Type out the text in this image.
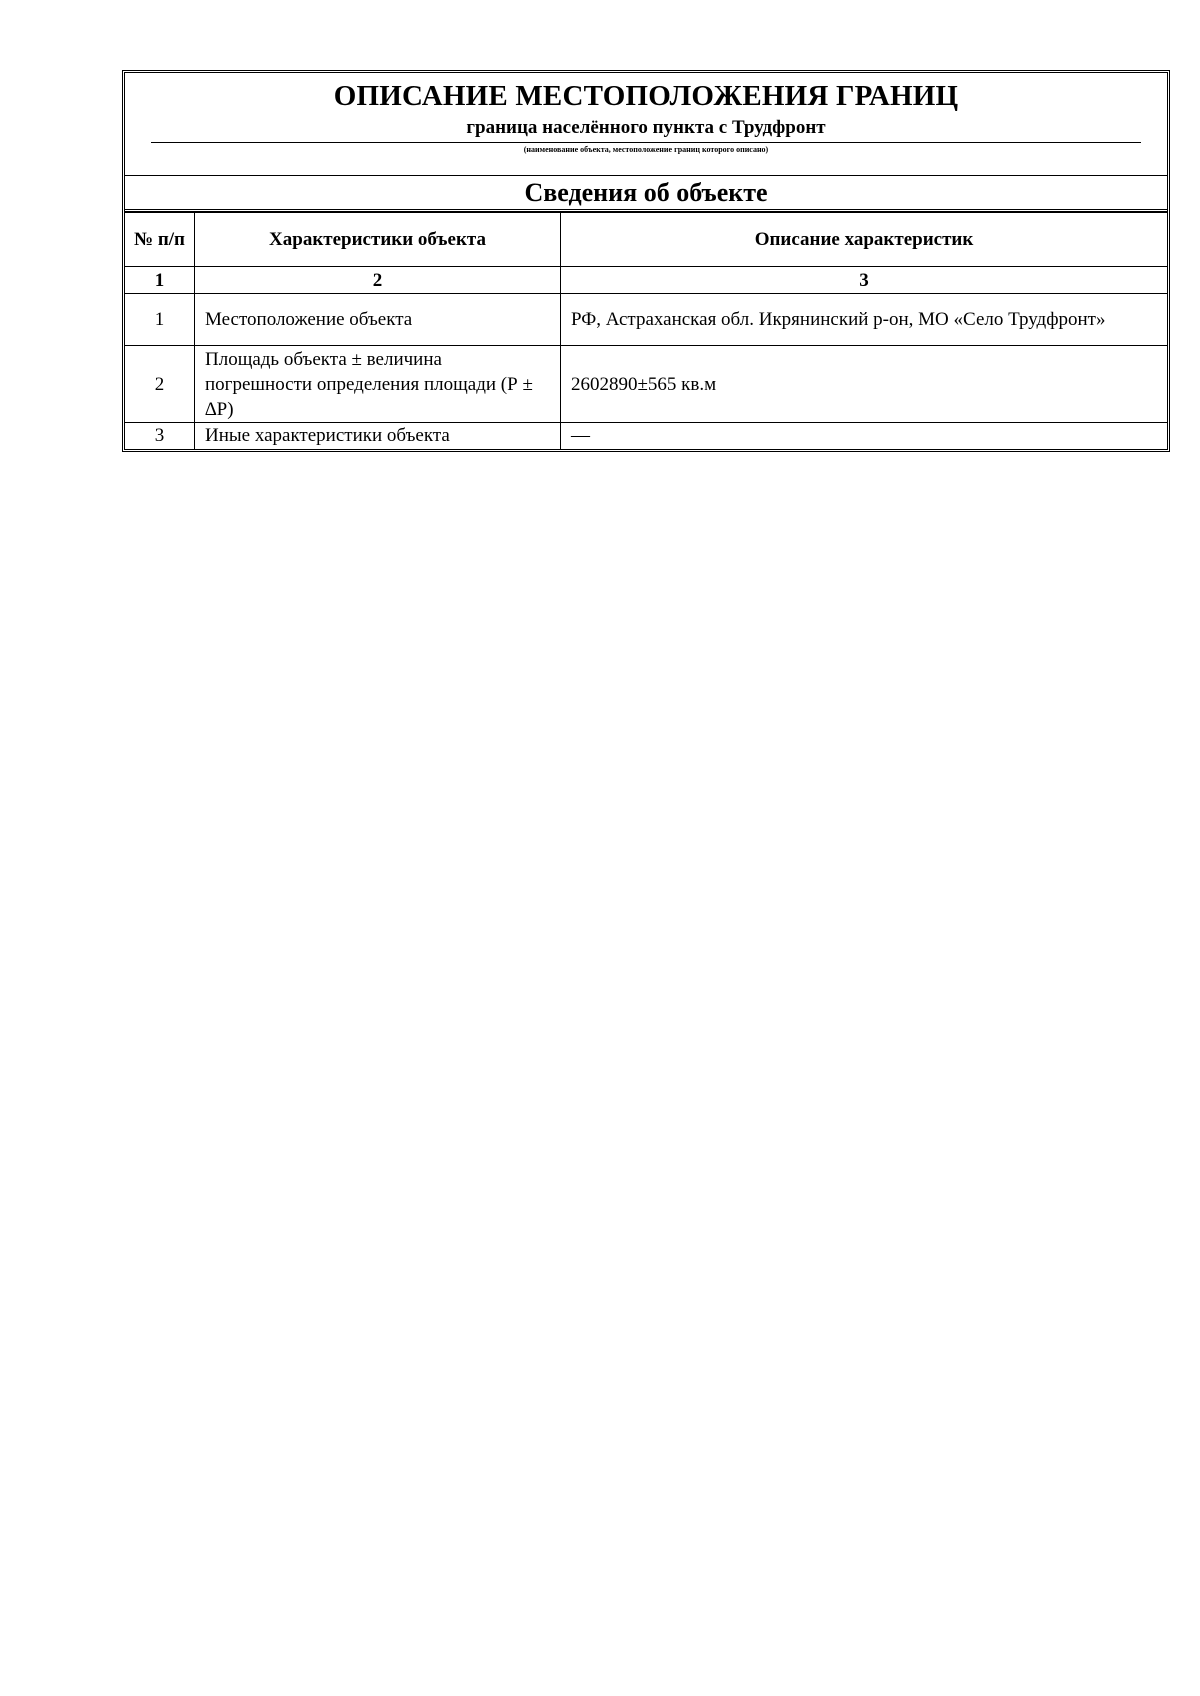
ОПИСАНИЕ МЕСТОПОЛОЖЕНИЯ ГРАНИЦ
граница населённого пункта с Трудфронт
(наименование объекта, местоположение границ которого описано)
Сведения об объекте
№ п/п	Характеристики объекта	Описание характеристик
1	2	3
1	Местоположение объекта	РФ, Астраханская обл. Икрянинский р-он, МО «Село Трудфронт»
2	Площадь объекта ± величина погрешности определения площади (Р ± ∆Р)	2602890±565 кв.м
3	Иные характеристики объекта	—
